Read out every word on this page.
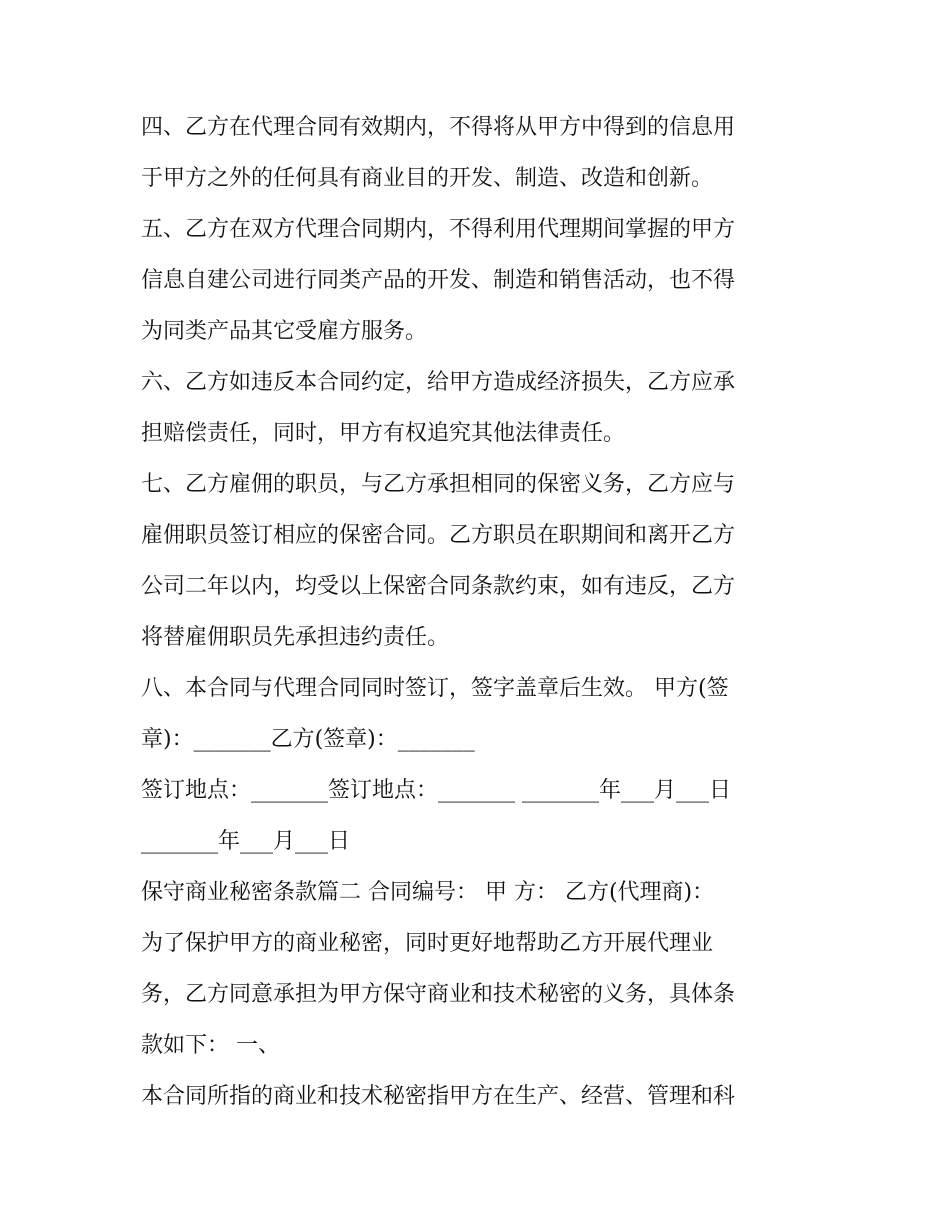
四、乙方在代理合同有效期内，不得将从甲方中得到的信息用
于甲方之外的任何具有商业目的开发、制造、改造和创新。
五、乙方在双方代理合同期内，不得利用代理期间掌握的甲方
信息自建公司进行同类产品的开发、制造和销售活动，也不得
为同类产品其它受雇方服务。
六、乙方如违反本合同约定，给甲方造成经济损失，乙方应承
担赔偿责任，同时，甲方有权追究其他法律责任。
七、乙方雇佣的职员，与乙方承担相同的保密义务，乙方应与
雇佣职员签订相应的保密合同。乙方职员在职期间和离开乙方
公司二年以内，均受以上保密合同条款约束，如有违反，乙方
将替雇佣职员先承担违约责任。
八、本合同与代理合同同时签订，签字盖章后生效。 甲方(签
章)：_______乙方(签章)：_______
签订地点：_______签订地点：_______ _______年___月___日
_______年___月___日
保守商业秘密条款篇二 合同编号： 甲 方： 乙方(代理商)：
为了保护甲方的商业秘密，同时更好地帮助乙方开展代理业
务，乙方同意承担为甲方保守商业和技术秘密的义务，具体条
款如下： 一、
本合同所指的商业和技术秘密指甲方在生产、经营、管理和科
